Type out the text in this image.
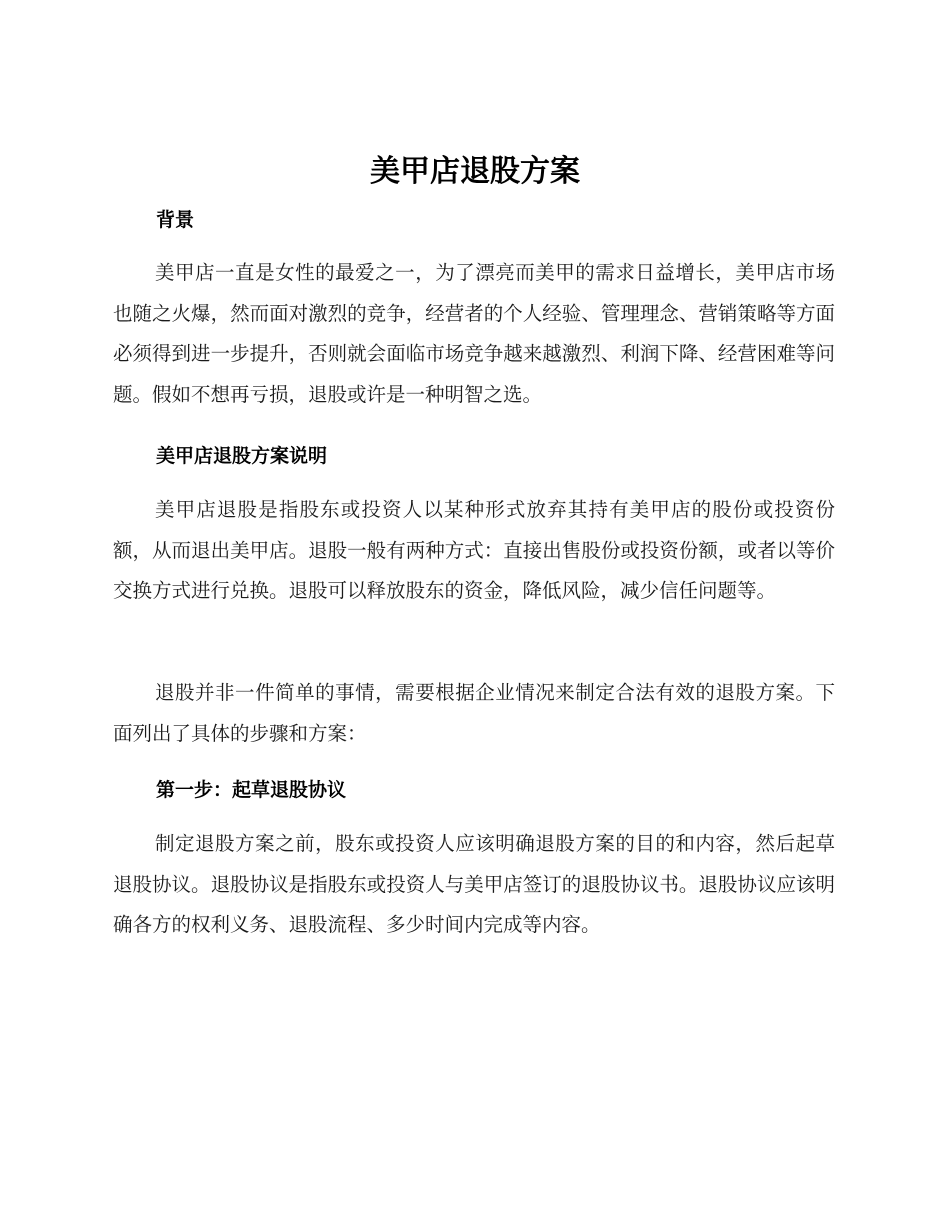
美甲店退股方案
背景

美甲店一直是女性的最爱之一，为了漂亮而美甲的需求日益增长，美甲店市场也随之火爆，然而面对激烈的竞争，经营者的个人经验、管理理念、营销策略等方面必须得到进一步提升，否则就会面临市场竞争越来越激烈、利润下降、经营困难等问题。假如不想再亏损，退股或许是一种明智之选。

美甲店退股方案说明

美甲店退股是指股东或投资人以某种形式放弃其持有美甲店的股份或投资份额，从而退出美甲店。退股一般有两种方式：直接出售股份或投资份额，或者以等价交换方式进行兑换。退股可以释放股东的资金，降低风险，减少信任问题等。

退股并非一件简单的事情，需要根据企业情况来制定合法有效的退股方案。下面列出了具体的步骤和方案：

第一步：起草退股协议

制定退股方案之前，股东或投资人应该明确退股方案的目的和内容，然后起草退股协议。退股协议是指股东或投资人与美甲店签订的退股协议书。退股协议应该明确各方的权利义务、退股流程、多少时间内完成等内容。
